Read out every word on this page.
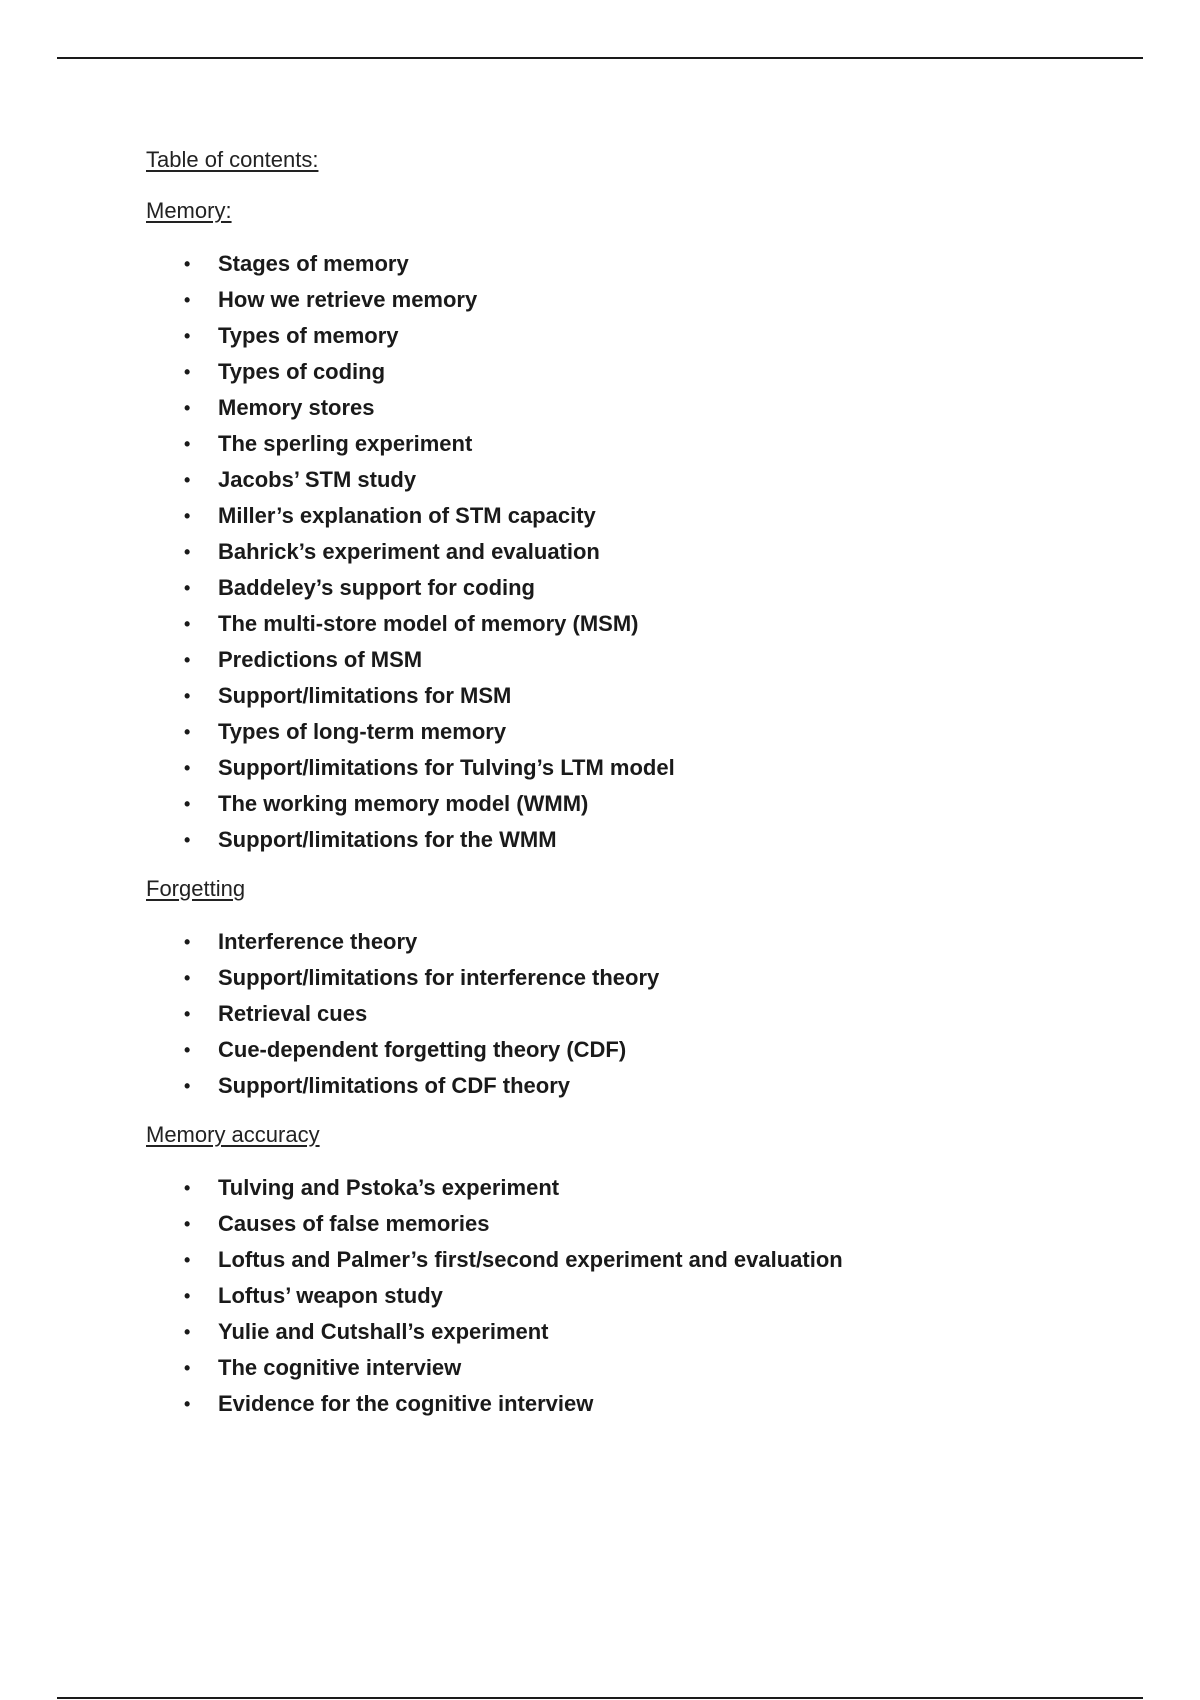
Table of contents:

Memory:

•	Stages of memory
•	How we retrieve memory
•	Types of memory
•	Types of coding
•	Memory stores
•	The sperling experiment
•	Jacobs’ STM study
•	Miller’s explanation of STM capacity
•	Bahrick’s experiment and evaluation
•	Baddeley’s support for coding
•	The multi-store model of memory (MSM)
•	Predictions of MSM
•	Support/limitations for MSM
•	Types of long-term memory
•	Support/limitations for Tulving’s LTM model
•	The working memory model (WMM)
•	Support/limitations for the WMM

Forgetting

•	Interference theory
•	Support/limitations for interference theory
•	Retrieval cues
•	Cue-dependent forgetting theory (CDF)
•	Support/limitations of CDF theory

Memory accuracy

•	Tulving and Pstoka’s experiment
•	Causes of false memories
•	Loftus and Palmer’s first/second experiment and evaluation
•	Loftus’ weapon study
•	Yulie and Cutshall’s experiment
•	The cognitive interview
•	Evidence for the cognitive interview
